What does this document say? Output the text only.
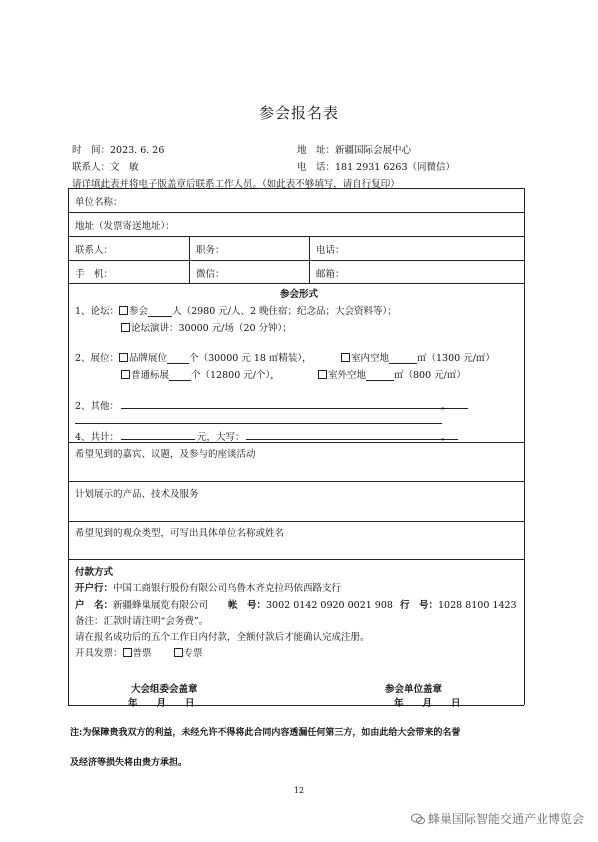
参会报名表
时　间：2023. 6. 26	地　址：新疆国际会展中心
联系人：文　敏	电　话：181 2931 6263（同微信）
请详填此表并将电子版盖章后联系工作人员。（如此表不够填写，请自行复印）
单位名称：
地址（发票寄送地址）：
联系人：	职务：	电话：
手　机：	微信：	邮箱：
参会形式
1、论坛： 参会	人（2980 元/人、2 晚住宿；纪念品；大会资料等）；
论坛演讲：30000 元/场（20 分钟）；
2、展位： 品牌展位 个（30000 元 18 ㎡精装），	室内空地	㎡（1300 元/㎡）
普通标展 个（12800 元/个），	室外空地	㎡（800 元/㎡）
2、其他：	。
4、共计：	元，大写：	。
希望见到的嘉宾、议题，及参与的座谈活动
计划展示的产品、技术及服务
希望见到的观众类型，可写出具体单位名称或姓名
付款方式
开户行：中国工商银行股份有限公司乌鲁木齐克拉玛依西路支行
户　名：新疆蜂巢展览有限公司 帐　号：3002 0142 0920 0021 908 行　号：1028 8100 1423
备注：汇款时请注明“会务费”。
请在报名成功后的五个工作日内付款，全额付款后才能确认完成注册。
开具发票： 普票	专票
大会组委会盖章	参会单位盖章
年　　月　　日	年　　月　　日
注:为保障贵我双方的利益，未经允许不得将此合同内容透漏任何第三方，如由此给大会带来的名誉
及经济等损失将由贵方承担。
12
蜂巢国际智能交通产业博览会
